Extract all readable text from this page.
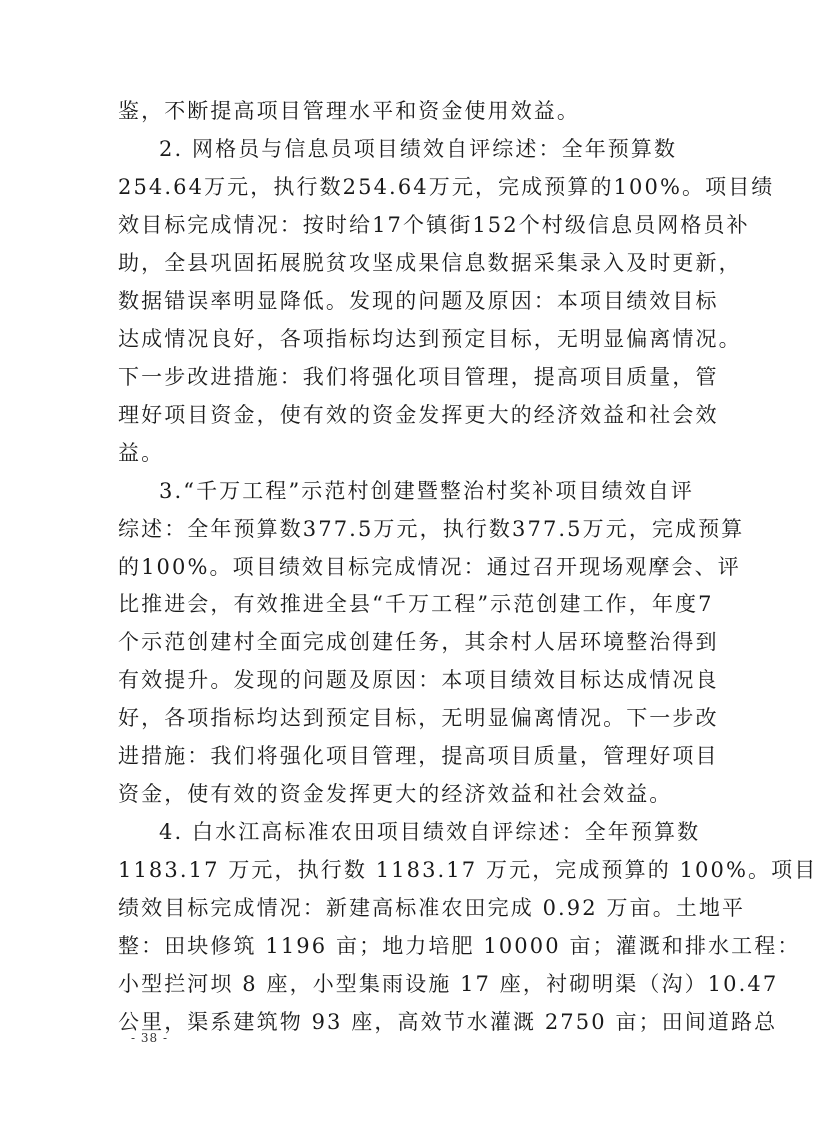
鉴，不断提高项目管理水平和资金使用效益。
2. 网格员与信息员项目绩效自评综述：全年预算数
254.64万元，执行数254.64万元，完成预算的100%。项目绩
效目标完成情况：按时给17个镇街152个村级信息员网格员补
助，全县巩固拓展脱贫攻坚成果信息数据采集录入及时更新，
数据错误率明显降低。发现的问题及原因：本项目绩效目标
达成情况良好，各项指标均达到预定目标，无明显偏离情况。
下一步改进措施：我们将强化项目管理，提高项目质量，管
理好项目资金，使有效的资金发挥更大的经济效益和社会效
益。
3.“千万工程”示范村创建暨整治村奖补项目绩效自评
综述：全年预算数377.5万元，执行数377.5万元，完成预算
的100%。项目绩效目标完成情况：通过召开现场观摩会、评
比推进会，有效推进全县“千万工程”示范创建工作，年度7
个示范创建村全面完成创建任务，其余村人居环境整治得到
有效提升。发现的问题及原因：本项目绩效目标达成情况良
好，各项指标均达到预定目标，无明显偏离情况。下一步改
进措施：我们将强化项目管理，提高项目质量，管理好项目
资金，使有效的资金发挥更大的经济效益和社会效益。
4. 白水江高标准农田项目绩效自评综述：全年预算数
1183.17 万元，执行数 1183.17 万元，完成预算的 100%。项目
绩效目标完成情况：新建高标准农田完成 0.92 万亩。土地平
整：田块修筑 1196 亩；地力培肥 10000 亩；灌溉和排水工程：
小型拦河坝 8 座，小型集雨设施 17 座，衬砌明渠（沟）10.47
公里，渠系建筑物 93 座，高效节水灌溉 2750 亩；田间道路总
- 38 -
